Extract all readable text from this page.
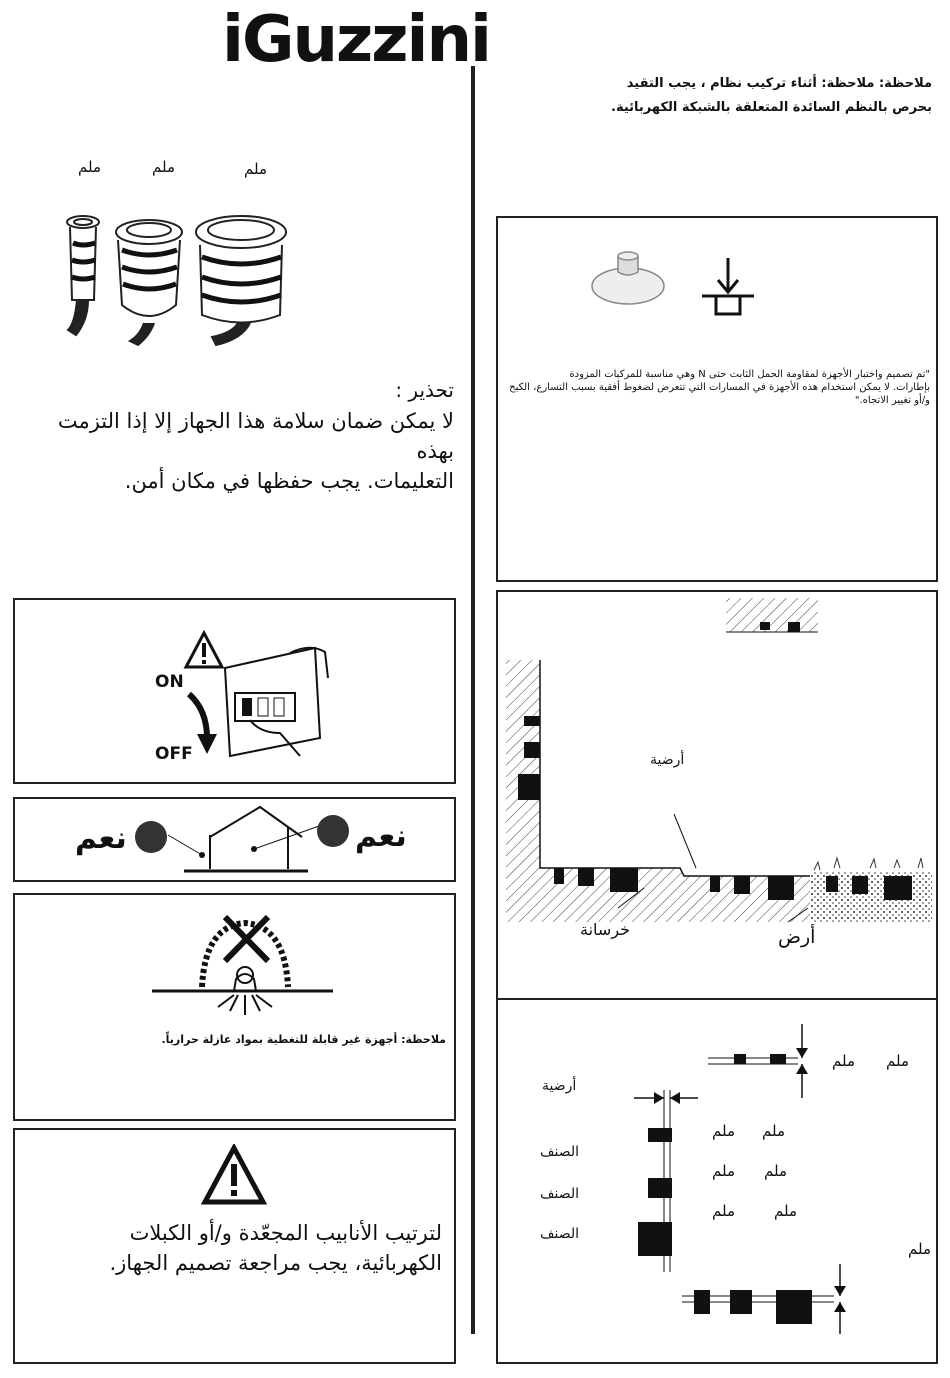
iGuzzini
ملاحظة: ملاحظة: أثناء تركيب نظام ، يجب التقيد
بحرص بالنظم السائدة المتعلقة بالشبكة الكهربائية.
ملم	ملم	ملم
تحذير :
لا يمكن ضمان سلامة هذا الجهاز إلا إذا التزمت بهذه
التعليمات. يجب حفظها في مكان أمن.
ON
OFF
نعم	نعم
ملاحظة: أجهزة غير قابلة للتغطية بمواد عازلة حرارياً.
لترتيب الأنابيب المجعّدة و/أو الكبلات
الكهربائية، يجب مراجعة تصميم الجهاز.
"تم تصميم واختبار الأجهزة لمقاومة الحمل الثابت حتى N وهي مناسبة للمركبات المزودة
بإطارات. لا يمكن استخدام هذه الأجهزة في المسارات التي تتعرض لضغوط أفقية بسبب التسارع، الكبح
و/أو تغيير الاتجاه."
أرضية
خرسانة	أرض
أرضية
الصنف
الصنف
الصنف
ملم ملم
ملم ملم
ملم ملم
ملم	ملم
ملم
